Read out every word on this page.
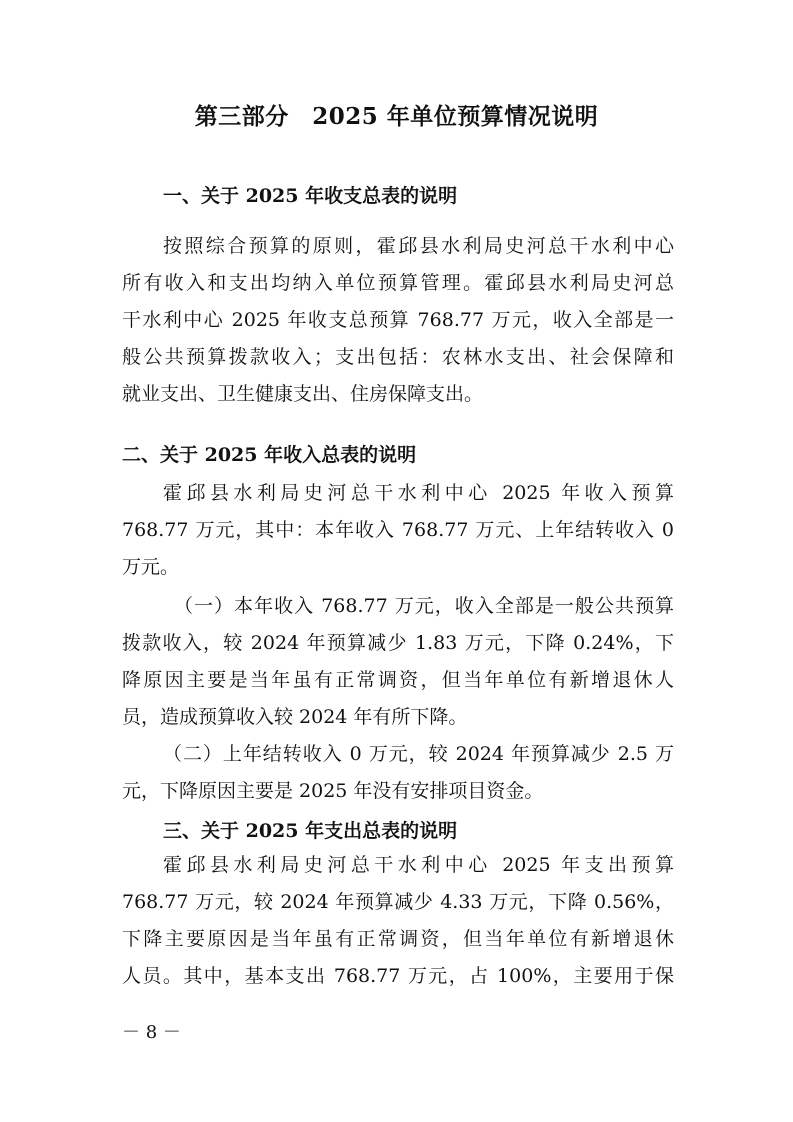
第三部分　2025 年单位预算情况说明
一、关于 2025 年收支总表的说明
按照综合预算的原则，霍邱县水利局史河总干水利中心
所有收入和支出均纳入单位预算管理。霍邱县水利局史河总
干水利中心 2025 年收支总预算 768.77 万元，收入全部是一
般公共预算拨款收入；支出包括：农林水支出、社会保障和
就业支出、卫生健康支出、住房保障支出。
二、关于 2025 年收入总表的说明
霍邱县水利局史河总干水利中心 2025 年收入预算
768.77 万元，其中：本年收入 768.77 万元、上年结转收入 0
万元。
（一）本年收入 768.77 万元，收入全部是一般公共预算
拨款收入，较 2024 年预算减少 1.83 万元，下降 0.24%，下
降原因主要是当年虽有正常调资，但当年单位有新增退休人
员，造成预算收入较 2024 年有所下降。
（二）上年结转收入 0 万元，较 2024 年预算减少 2.5 万
元，下降原因主要是 2025 年没有安排项目资金。
三、关于 2025 年支出总表的说明
霍邱县水利局史河总干水利中心 2025 年支出预算
768.77 万元，较 2024 年预算减少 4.33 万元，下降 0.56%，
下降主要原因是当年虽有正常调资，但当年单位有新增退休
人员。其中，基本支出 768.77 万元，占 100%，主要用于保
－ 8 －
